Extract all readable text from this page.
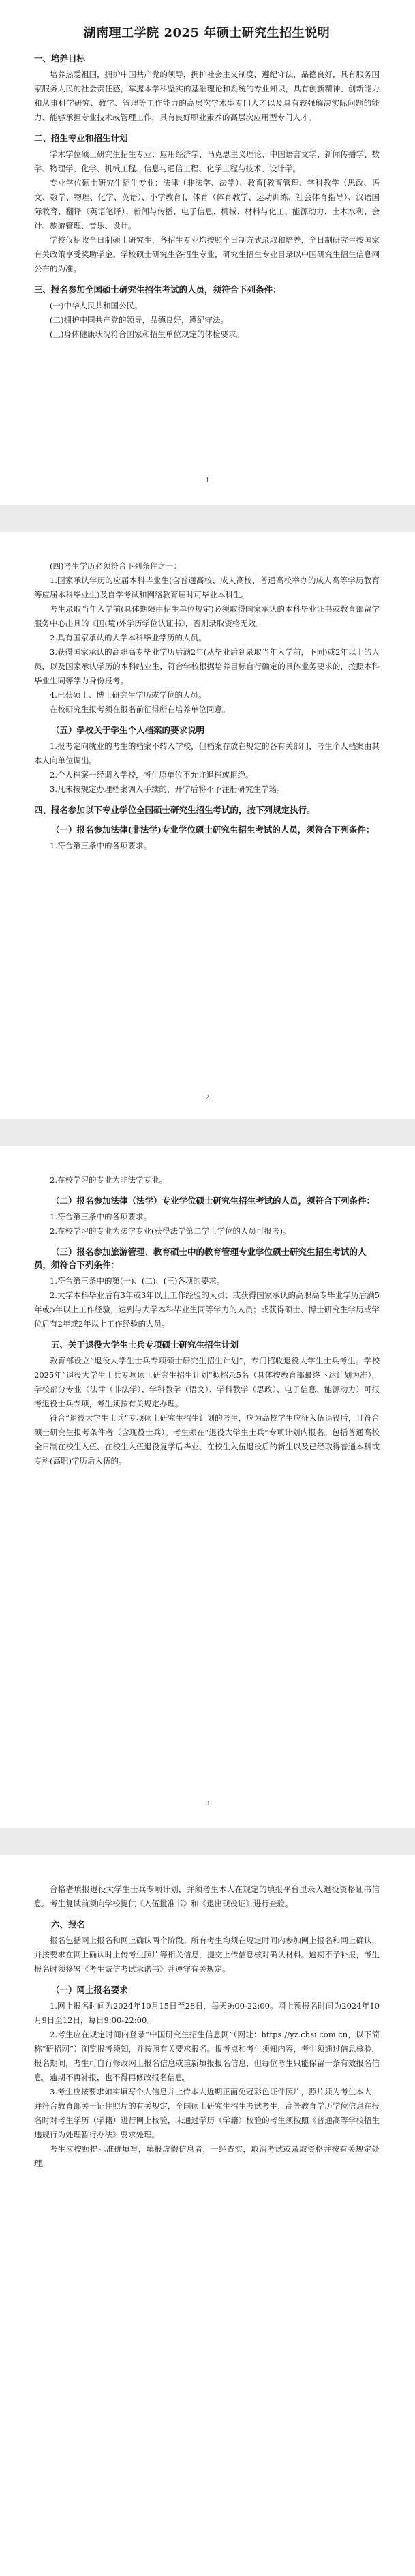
湖南理工学院 2025 年硕士研究生招生说明
一、培养目标

培养热爱祖国，拥护中国共产党的领导，拥护社会主义制度，遵纪守法，品德良好，具有服务国家服务人民的社会责任感，掌握本学科坚实的基础理论和系统的专业知识，具有创新精神、创新能力和从事科学研究、教学、管理等工作能力的高层次学术型专门人才以及具有较强解决实际问题的能力、能够承担专业技术或管理工作，具有良好职业素养的高层次应用型专门人才。

二、招生专业和招生计划

学术学位硕士研究生招生专业：应用经济学、马克思主义理论、中国语言文学、新闻传播学、数学、物理学、化学、机械工程、信息与通信工程、化学工程与技术、设计学。

专业学位硕士研究生招生专业：法律（非法学、法学）、教育[教育管理、学科教学（思政、语文、数学、物理、化学、英语）、小学教育]、体育（体育教学、运动训练、社会体育指导）、汉语国际教育、翻译（英语笔译）、新闻与传播、电子信息、机械、材料与化工、能源动力、土木水利、会计、旅游管理、音乐、设计。

学校仅招收全日制硕士研究生，各招生专业均按照全日制方式录取和培养，全日制研究生按国家有关政策享受奖助学金。学校硕士研究生各招生专业，研究生招生专业目录以中国研究生招生信息网公布的为准。

三、报名参加全国硕士研究生招生考试的人员，须符合下列条件：

(一)中华人民共和国公民。

(二)拥护中国共产党的领导，品德良好，遵纪守法。

(三)身体健康状况符合国家和招生单位规定的体检要求。

1

(四)考生学历必须符合下列条件之一：

1.国家承认学历的应届本科毕业生(含普通高校、成人高校、普通高校举办的成人高等学历教育等应届本科毕业生)及自学考试和网络教育届时可毕业本科生。

考生录取当年入学前(具体期限由招生单位规定)必须取得国家承认的本科毕业证书或教育部留学服务中心出具的《国(境)外学历学位认证书》，否则录取资格无效。

2.具有国家承认的大学本科毕业学历的人员。

3.获得国家承认的高职高专毕业学历后满2年(从毕业后到录取当年入学前，下同)或2年以上的人员，以及国家承认学历的本科结业生，符合学校根据培养目标自行确定的具体业务要求的，按照本科毕业生同等学力身份报考。

4.已获硕士、博士研究生学历或学位的人员。

在校研究生报考须在报名前征得所在培养单位同意。

（五）学校关于学生个人档案的要求说明

1.报考定向就业的考生的档案不转入学校，但档案存放在规定的各有关部门，考生个人档案由其本人向单位调出。

2.个人档案一经调入学校，考生原单位不允许退档或拒绝。

3.凡未按规定办理档案调入手续的，开学后将不予注册研究生学籍。

四、报名参加以下专业学位全国硕士研究生招生考试的，按下列规定执行。
（一）报名参加法律(非法学)专业学位硕士研究生招生考试的人员，须符合下列条件：

1.符合第三条中的各项要求。

2

2.在校学习的专业为非法学专业。

（二）报名参加法律（法学）专业学位硕士研究生招生考试的人员，须符合下列条件：

1.符合第三条中的各项要求。

2.在校学习的专业为法学专业(获得法学第二学士学位的人员可报考)。

（三）报名参加旅游管理、教育硕士中的教育管理专业学位硕士研究生招生考试的人员，须符合下列条件：

1.符合第三条中的第(一)、(二)、(三)各项的要求。

2.大学本科毕业后有3年或3年以上工作经验的人员；或获得国家承认的高职高专毕业学历后满5年或5年以上工作经验，达到与大学本科毕业生同等学力的人员；或获得硕士、博士研究生学历或学位后有2年或2年以上工作经验的人员。

五、关于退役大学生士兵专项硕士研究生招生计划

教育部设立“退役大学生士兵专项硕士研究生招生计划”，专门招收退役大学生士兵考生。学校2025年“退役大学生士兵专项硕士研究生招生计划”拟招录5名（具体按教育部最终下达计划为准），学校部分专业（法律（非法学）、学科教学（语文）、学科教学（思政）、电子信息、能源动力）可报考退役士兵专项，考生须按有关规定办理。

符合“退役大学生士兵”专项硕士研究生招生计划的考生，应为高校学生应征入伍退役后，且符合硕士研究生报考条件者（含现役士兵）。考生须在“退役大学生士兵”专项计划内报名。包括普通高校全日制在校生入伍、在校生入伍退役复学后毕业、在校生入伍退役后的新生以及已经取得普通本科或专科(高职)学历后入伍的。

3

合格者填报退役大学生士兵专项计划，并须考生本人在规定的填报平台里录入退役资格证书信息。考生复试前须向学校提供《入伍批准书》和《退出现役证》进行查验。

六、报名

报名包括网上报名和网上确认两个阶段。所有考生均须在规定时间内参加网上报名和网上确认，并按要求在网上确认时上传考生照片等相关信息，提交上传信息核对确认材料。逾期不予补报，考生报名时须签署《考生诚信考试承诺书》并遵守有关规定。

（一）网上报名要求

1.网上报名时间为2024年10月15日至28日，每天9:00-22:00。网上预报名时间为2024年10月9日至12日，每日9:00-22:00。

2.考生应在规定时间内登录“中国研究生招生信息网”（网址：https://yz.chsi.com.cn，以下简称“研招网”）浏览报考须知，并按照有关要求报名。报考点和考生须知内容，考生须通过信息核验，报名期间，考生可自行修改网上报名信息或重新填报报名信息，但每位考生只能保留一条有效报名信息。逾期不再补报，也不得再修改报名信息。

3.考生应按要求如实填写个人信息并上传本人近期正面免冠彩色证件照片，照片须为考生本人，并符合教育部关于证件照片的有关规定，全国硕士研究生招生考试考生，高等教育学历学位信息在报名时对考生学历（学籍）进行网上校验，未通过学历（学籍）校验的考生须按照《普通高等学校招生违规行为处理暂行办法》要求处理。

考生应按照提示准确填写，填报虚假信息者，一经查实，取消考试或录取资格并按有关规定处理。
